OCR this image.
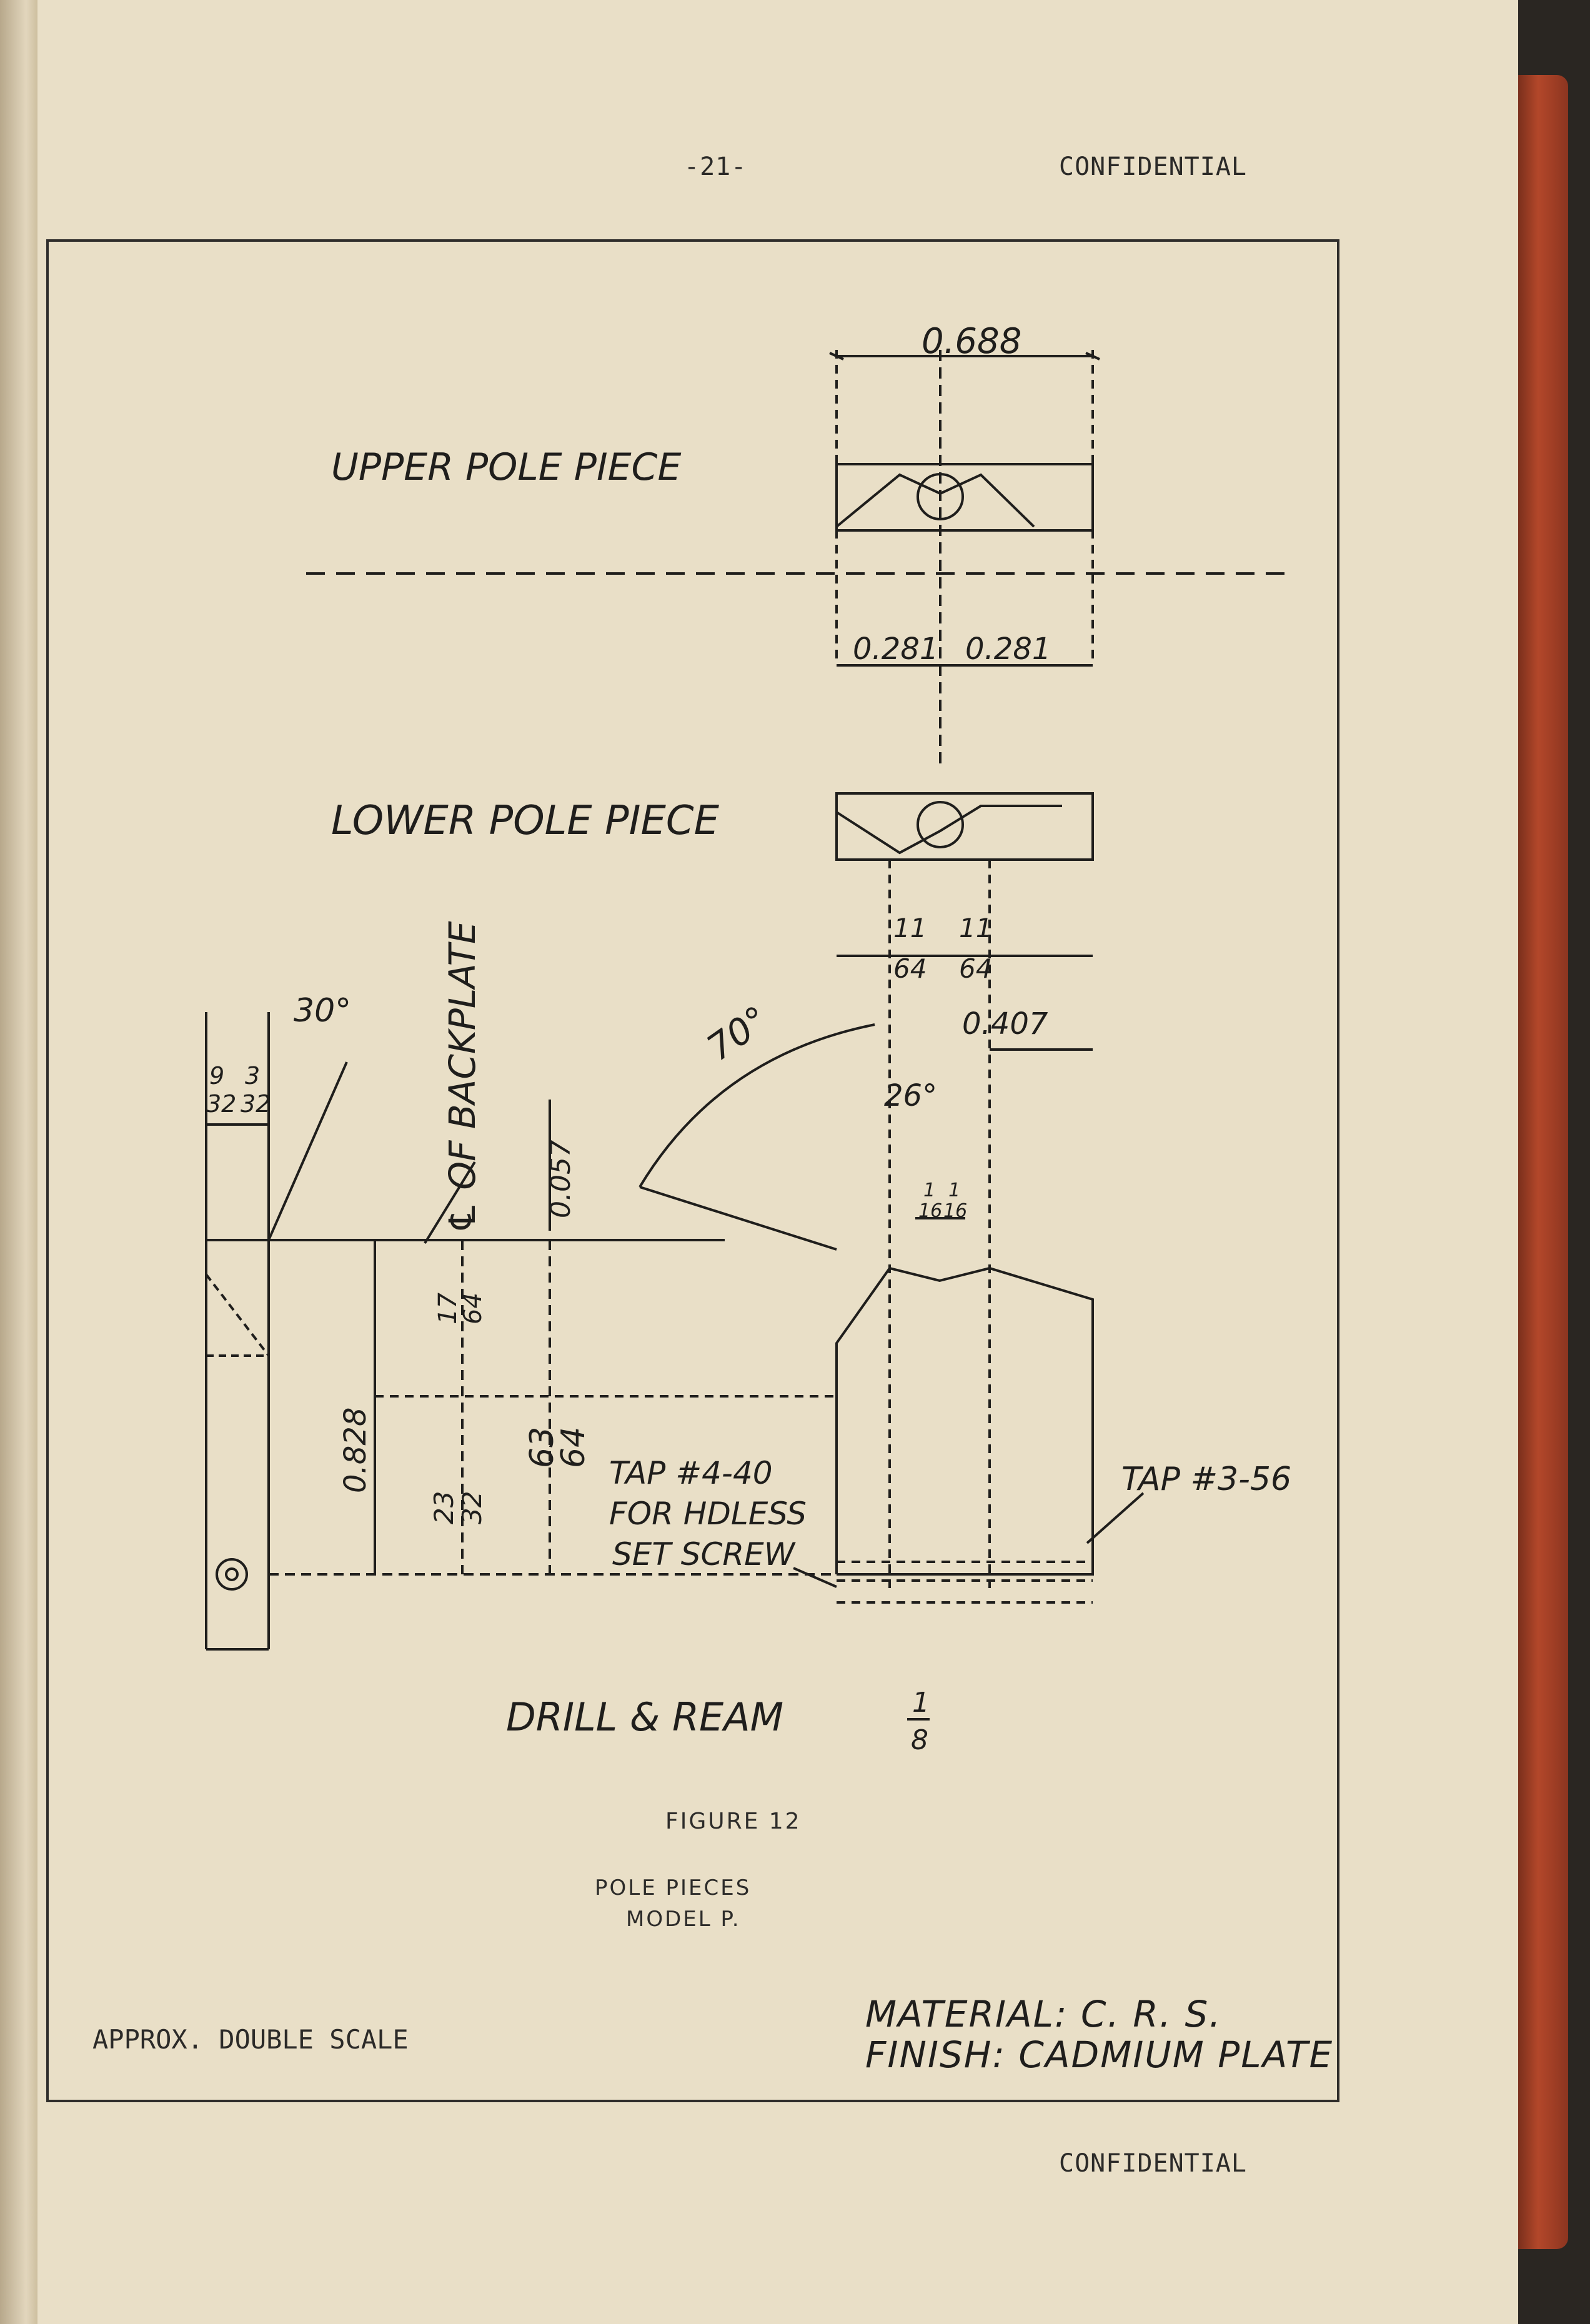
-21-	CONFIDENTIAL
UPPER POLE PIECE
LOWER POLE PIECE
0.688
0.281 0.281
11
64
11
64
0.407
30°	70°
26°
9
32
3
32	℄ OF BACKPLATE 0.057
17
64
0.828
23
32
63
64
1
16
1
16
TAP #4-40
FOR HDLESS
SET SCREW
TAP #3-56
DRILL & REAM	1
8
FIGURE 12
POLE PIECES
MODEL P.
APPROX. DOUBLE SCALE
MATERIAL: C. R. S.
FINISH: CADMIUM PLATE
CONFIDENTIAL
